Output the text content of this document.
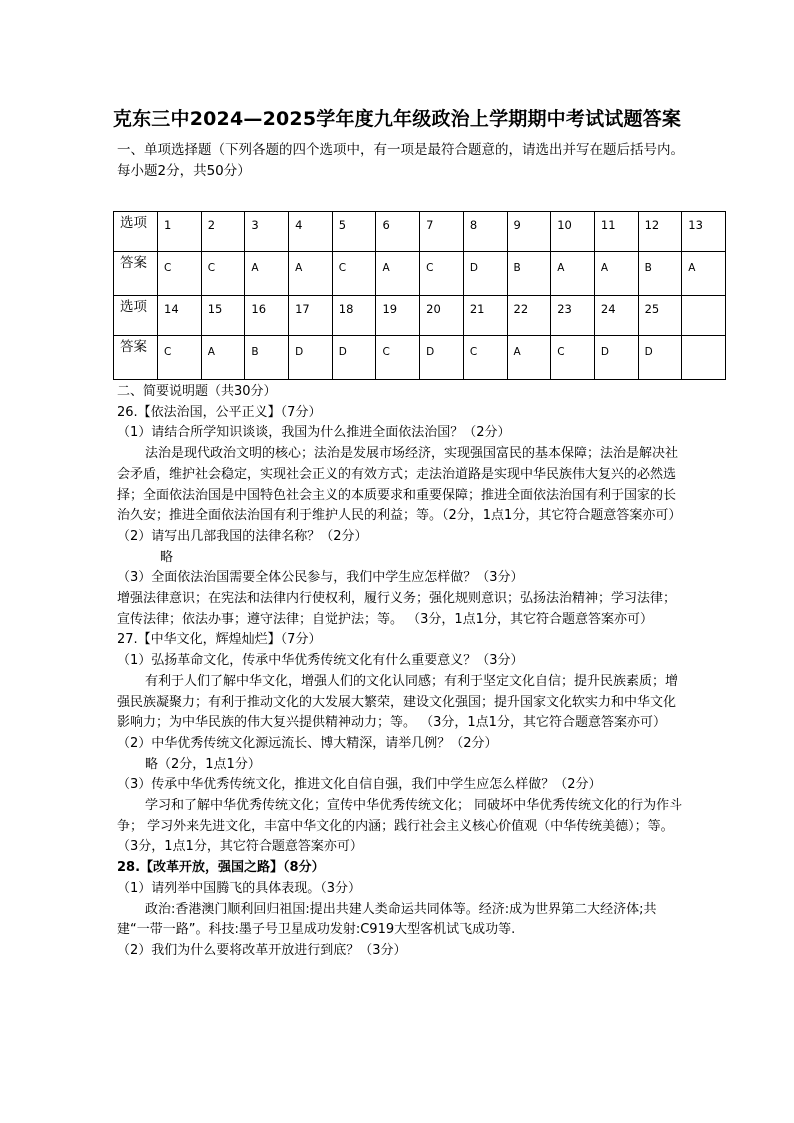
克东三中2024—2025学年度九年级政治上学期期中考试试题答案
一、单项选择题（下列各题的四个选项中，有一项是最符合题意的，请选出并写在题后括号内。每小题2分，共50分）
选项	1	2	3	4	5	6	7	8	9	10	11	12	13
答案	C	C	A	A	C	A	C	D	B	A	A	B	A
选项	14	15	16	17	18	19	20	21	22	23	24	25	
答案	C	A	B	D	D	C	D	C	A	C	D	D	

二、简要说明题（共30分）

26.【依法治国，公平正义】（7分）

（1）请结合所学知识谈谈，我国为什么推进全面依法治国？（2分）

法治是现代政治文明的核心；法治是发展市场经济，实现强国富民的基本保障；法治是解决社会矛盾，维护社会稳定，实现社会正义的有效方式；走法治道路是实现中华民族伟大复兴的必然选择；全面依法治国是中国特色社会主义的本质要求和重要保障；推进全面依法治国有利于国家的长治久安；推进全面依法治国有利于维护人民的利益；等。（2分，1点1分，其它符合题意答案亦可）

（2）请写出几部我国的法律名称？（2分）

略

（3）全面依法治国需要全体公民参与，我们中学生应怎样做？（3分）

增强法律意识；在宪法和法律内行使权利，履行义务；强化规则意识；弘扬法治精神；学习法律；宣传法律；依法办事；遵守法律；自觉护法；等。 （3分，1点1分，其它符合题意答案亦可）

27.【中华文化，辉煌灿烂】（7分）

（1）弘扬革命文化，传承中华优秀传统文化有什么重要意义？（3分）

有利于人们了解中华文化，增强人们的文化认同感；有利于坚定文化自信；提升民族素质；增强民族凝聚力；有利于推动文化的大发展大繁荣，建设文化强国；提升国家文化软实力和中华文化影响力；为中华民族的伟大复兴提供精神动力；等。 （3分，1点1分，其它符合题意答案亦可）

（2）中华优秀传统文化源远流长、博大精深，请举几例？（2分）

略（2分，1点1分）

（3）传承中华优秀传统文化，推进文化自信自强，我们中学生应怎么样做？（2分）

学习和了解中华优秀传统文化；宣传中华优秀传统文化； 同破坏中华优秀传统文化的行为作斗争； 学习外来先进文化，丰富中华文化的内涵；践行社会主义核心价值观（中华传统美德）；等。 （3分，1点1分，其它符合题意答案亦可）

28.【改革开放，强国之路】（8分）

（1）请列举中国腾飞的具体表现。（3分）

政治:香港澳门顺利回归祖国:提出共建人类命运共同体等。经济:成为世界第二大经济体;共建“一带一路”。科技:墨子号卫星成功发射:C919大型客机试飞成功等.

（2）我们为什么要将改革开放进行到底？（3分）
